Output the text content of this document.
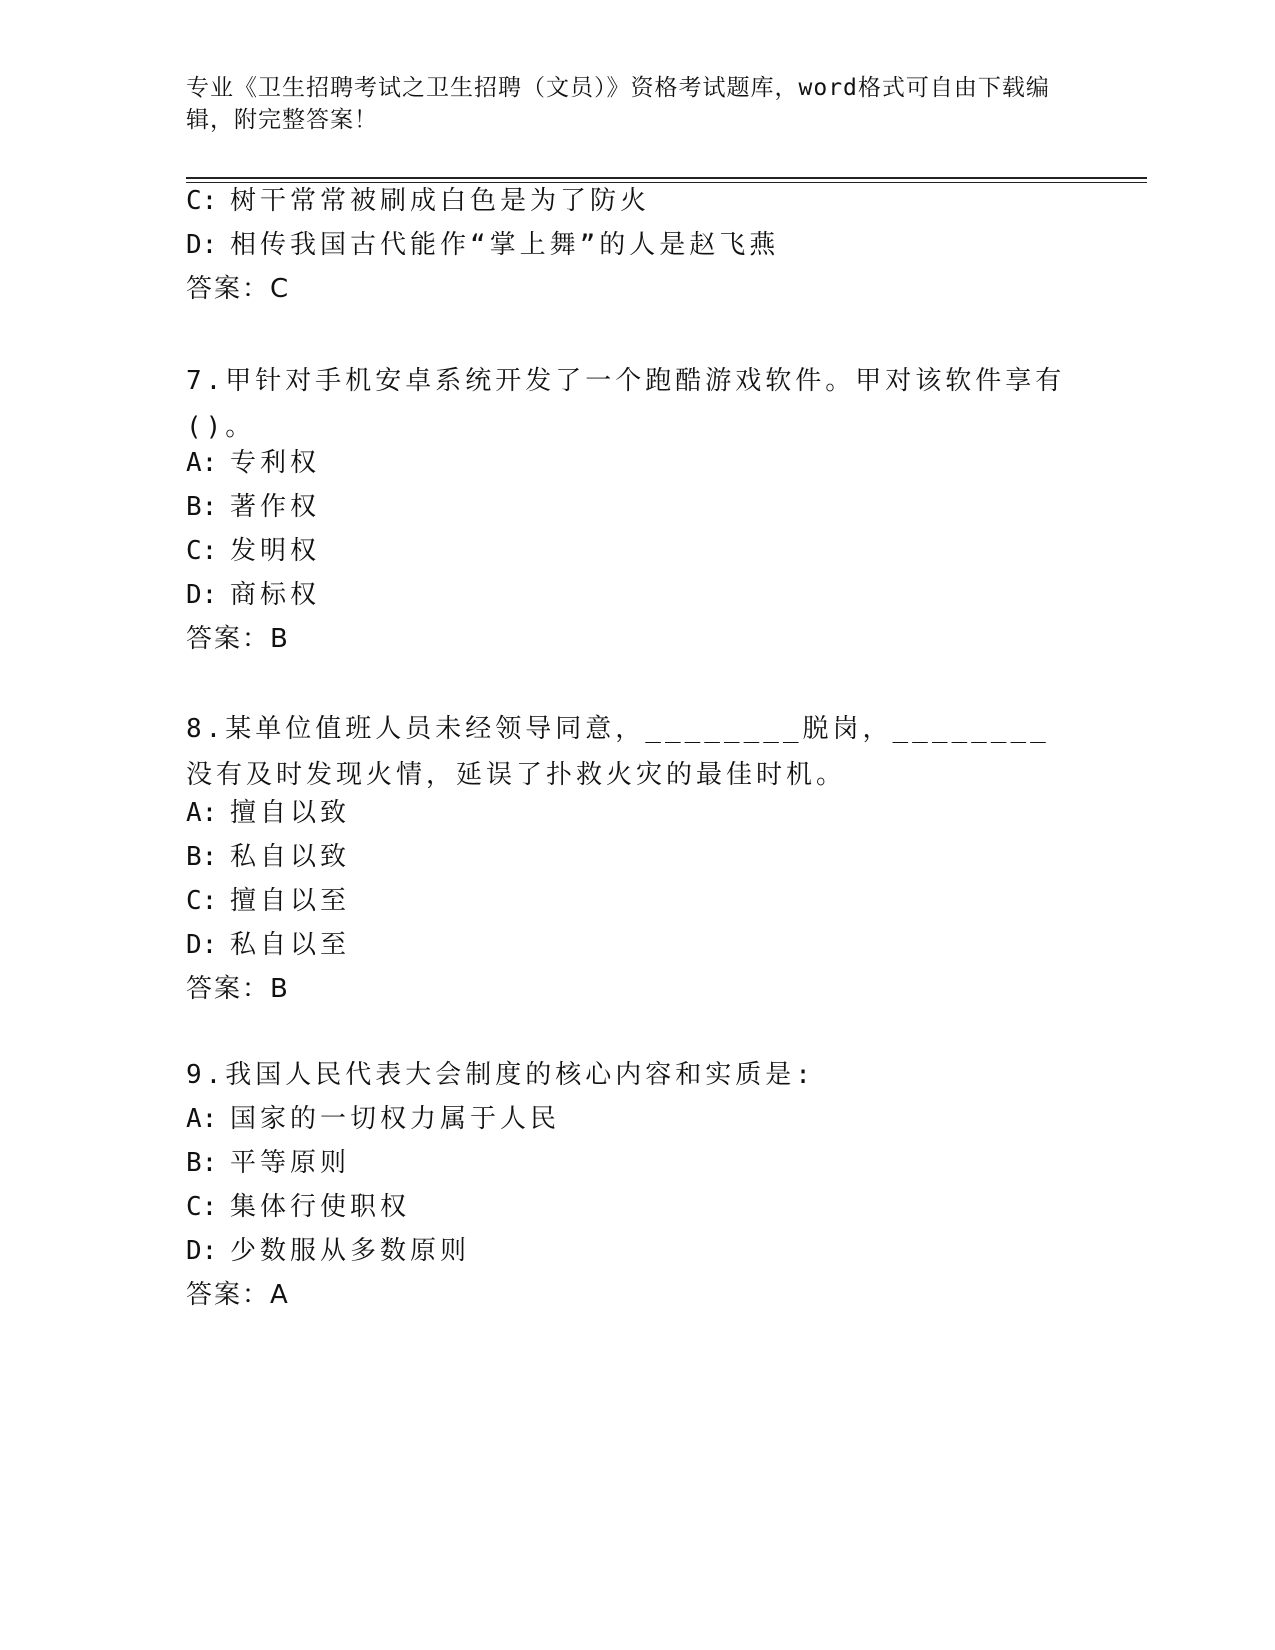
专业《卫生招聘考试之卫生招聘（文员）》资格考试题库，word格式可自由下载编辑，附完整答案！
C: 树干常常被刷成白色是为了防火
D: 相传我国古代能作“掌上舞”的人是赵飞燕
答案：C
7.甲针对手机安卓系统开发了一个跑酷游戏软件。甲对该软件享有()。
A: 专利权
B: 著作权
C: 发明权
D: 商标权
答案：B
8.某单位值班人员未经领导同意，________脱岗，________没有及时发现火情，延误了扑救火灾的最佳时机。
A: 擅自以致
B: 私自以致
C: 擅自以至
D: 私自以至
答案：B
9.我国人民代表大会制度的核心内容和实质是:
A: 国家的一切权力属于人民
B: 平等原则
C: 集体行使职权
D: 少数服从多数原则
答案：A
